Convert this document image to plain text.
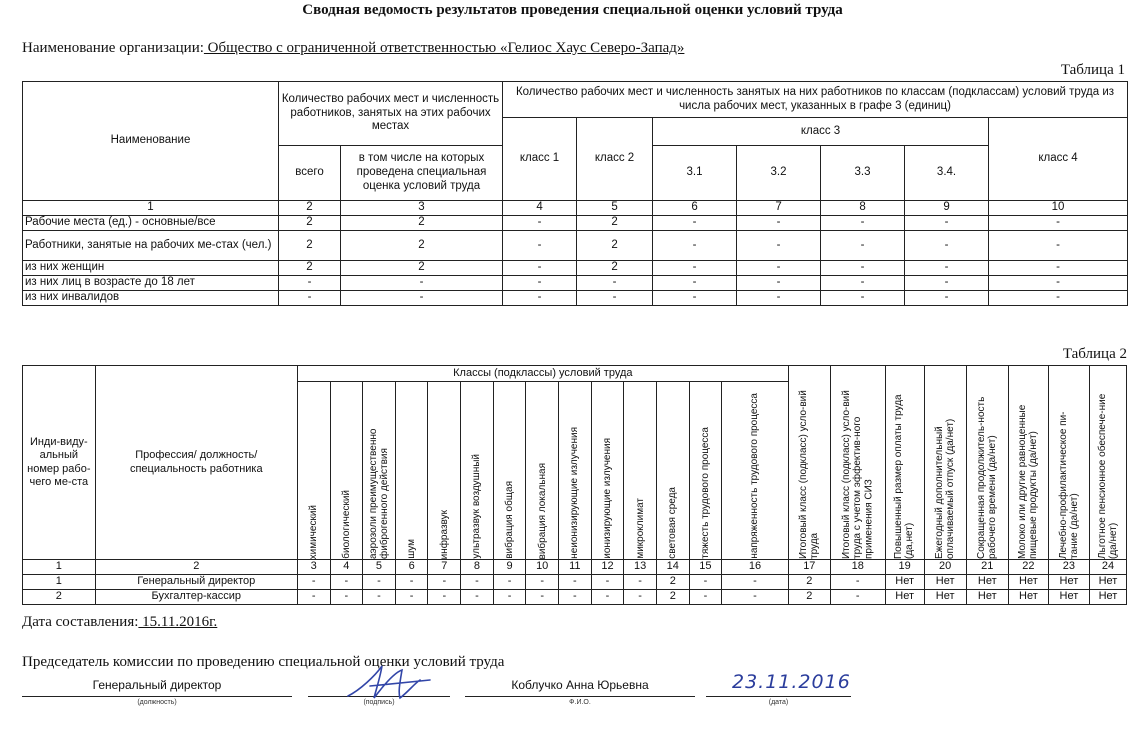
Сводная ведомость результатов проведения специальной оценки условий труда
Наименование организации: Общество с ограниченной ответственностью «Гелиос Хаус Северо-Запад»
Таблица 1
Наименование	Количество рабочих мест и численность работников, занятых на этих рабочих местах		Количество рабочих мест и численность занятых на них работников по классам (подклассам) условий труда из числа рабочих мест, указанных в графе 3 (единиц)						
			класс 1	класс 2	класс 3				класс 4
	всего	в том числе на которых проведена специальная оценка условий труда			3.1	3.2	3.3	3.4.	
1	2	3	4	5	6	7	8	9	10
Рабочие места (ед.) - основные/все	2	2	-	2	-	-	-	-	-
Работники, занятые на рабочих ме-стах (чел.)	2	2	-	2	-	-	-	-	-
из них женщин	2	2	-	2	-	-	-	-	-
из них лиц в возрасте до 18 лет	-	-	-	-	-	-	-	-	-
из них инвалидов	-	-	-	-	-	-	-	-	-
Таблица 2
Инди-виду-альный номер рабо-чего ме-ста	Профессия/ должность/ специальность работника	Классы (подклассы) условий труда														Итоговый класс (подкласс) усло-вий труда	Итоговый класс (подкласс) усло-вий труда с учетом эффектив-ного применения СИЗ	Повышенный размер оплаты труда (да,нет)	Ежегодный дополнительный оплачиваемый отпуск (да/нет)	Сокращенная продолжитель-ность рабочего времени (да/нет)	Молоко или другие равноценные пищевые продукты (да/нет)	Лечебно-профилактическое пи-тание (да/нет)	Льготное пенсионное обеспече-ние (да/нет)

		химический	биологический	аэрозоли преимущественно фиброгенного действия	шум	инфразвук	ультразвук воздушный	вибрация общая	вибрация локальная	неионизирующие излучения	ионизирующие излучения	микроклимат	световая среда	тяжесть трудового процесса	напряженность трудового процесса								

1	2	3	4	5	6	7	8	9	10	11	12	13	14	15	16	17	18	19	20	21	22	23	24
1	Генеральный директор	-	-	-	-	-	-	-	-	-	-	-	2	-	-	2	-	Нет	Нет	Нет	Нет	Нет	Нет
2	Бухгалтер-кассир	-	-	-	-	-	-	-	-	-	-	-	2	-	-	2	-	Нет	Нет	Нет	Нет	Нет	Нет
Дата составления: 15.11.2016г.
Председатель комиссии по проведению специальной оценки условий труда
Генеральный директор
(должность)	(подпись)
Коблучко Анна Юрьевна
Ф.И.О.
23.11.2016
(дата)
